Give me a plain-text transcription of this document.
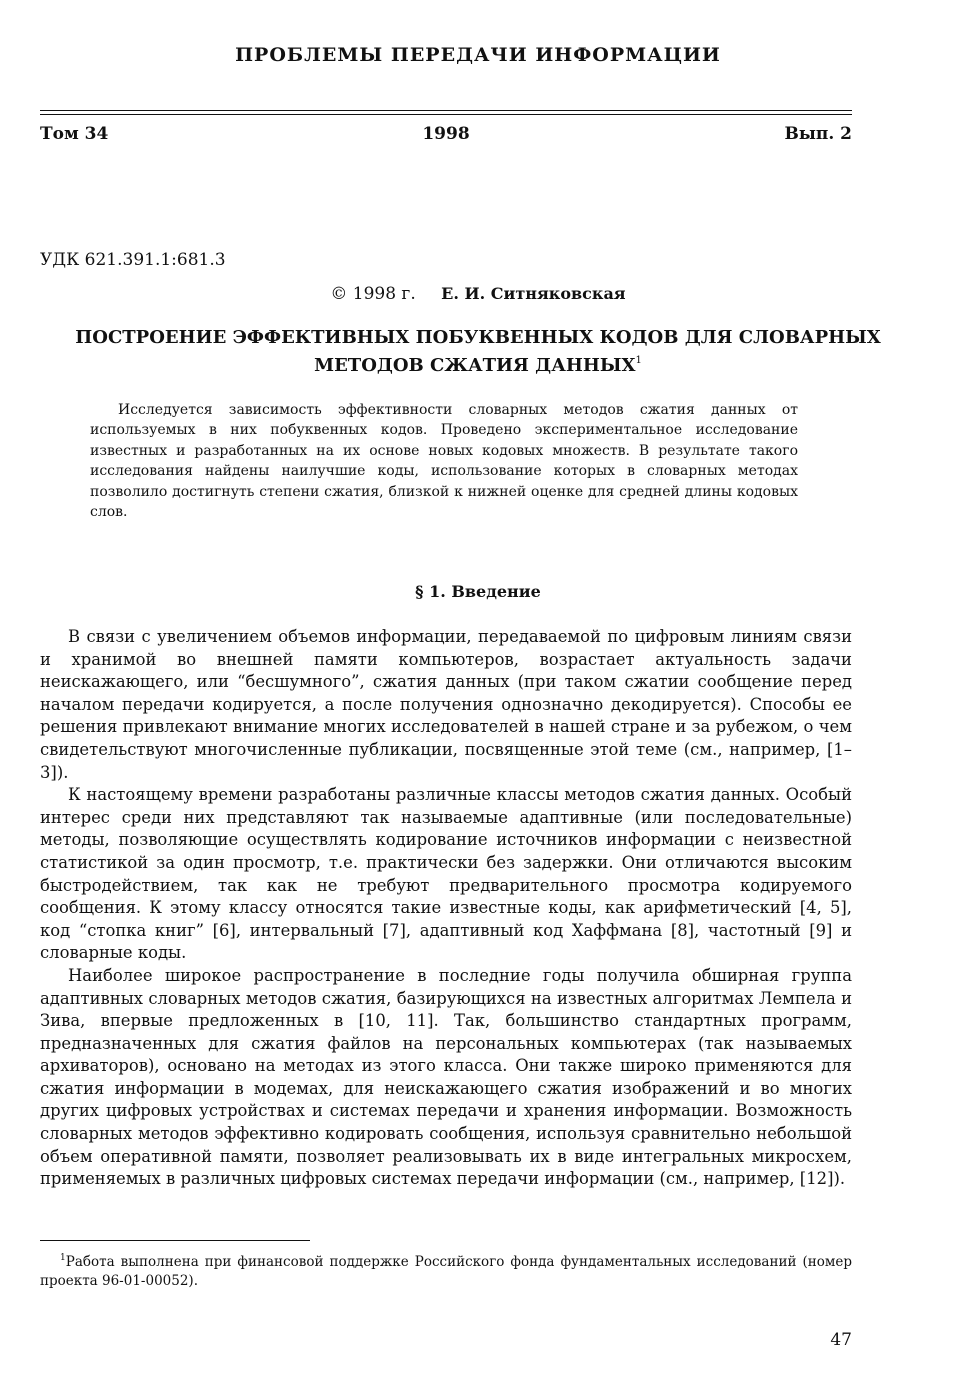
ПРОБЛЕМЫ ПЕРЕДАЧИ ИНФОРМАЦИИ
Том 34	1998	Вып. 2
УДК 621.391.1:681.3
© 1998 г. Е. И. Ситняковская
ПОСТРОЕНИЕ ЭФФЕКТИВНЫХ ПОБУКВЕННЫХ КОДОВ ДЛЯ СЛОВАРНЫХ МЕТОДОВ СЖАТИЯ ДАННЫХ$^1$

Исследуется зависимость эффективности словарных методов сжатия данных от используемых в них побуквенных кодов. Проведено экспериментальное исследование известных и разработанных на их основе новых кодовых множеств. В результате такого исследования найдены наилучшие коды, использование которых в словарных методах позволило достигнуть степени сжатия, близкой к нижней оценке для средней длины кодовых слов.

§ 1. Введение

В связи с увеличением объемов информации, передаваемой по цифровым линиям связи и хранимой во внешней памяти компьютеров, возрастает актуальность задачи неискажающего, или “бесшумного”, сжатия данных (при таком сжатии сообщение перед началом передачи кодируется, а после получения однозначно декодируется). Способы ее решения привлекают внимание многих исследователей в нашей стране и за рубежом, о чем свидетельствуют многочисленные публикации, посвященные этой теме (см., например, [1–3]).

К настоящему времени разработаны различные классы методов сжатия данных. Особый интерес среди них представляют так называемые адаптивные (или последовательные) методы, позволяющие осуществлять кодирование источников информации с неизвестной статистикой за один просмотр, т.е. практически без задержки. Они отличаются высоким быстродействием, так как не требуют предварительного просмотра кодируемого сообщения. К этому классу относятся такие известные коды, как арифметический [4, 5], код “стопка книг” [6], интервальный [7], адаптивный код Хаффмана [8], частотный [9] и словарные коды.

Наиболее широкое распространение в последние годы получила обширная группа адаптивных словарных методов сжатия, базирующихся на известных алгоритмах Лемпела и Зива, впервые предложенных в [10, 11]. Так, большинство стандартных программ, предназначенных для сжатия файлов на персональных компьютерах (так называемых архиваторов), основано на методах из этого класса. Они также широко применяются для сжатия информации в модемах, для неискажающего сжатия изображений и во многих других цифровых устройствах и системах передачи и хранения информации. Возможность словарных методов эффективно кодировать сообщения, используя сравнительно небольшой объем оперативной памяти, позволяет реализовывать их в виде интегральных микросхем, применяемых в различных цифровых системах передачи информации (см., например, [12]).

$^1$Работа выполнена при финансовой поддержке Российского фонда фундаментальных исследований (номер проекта 96-01-00052).

47
